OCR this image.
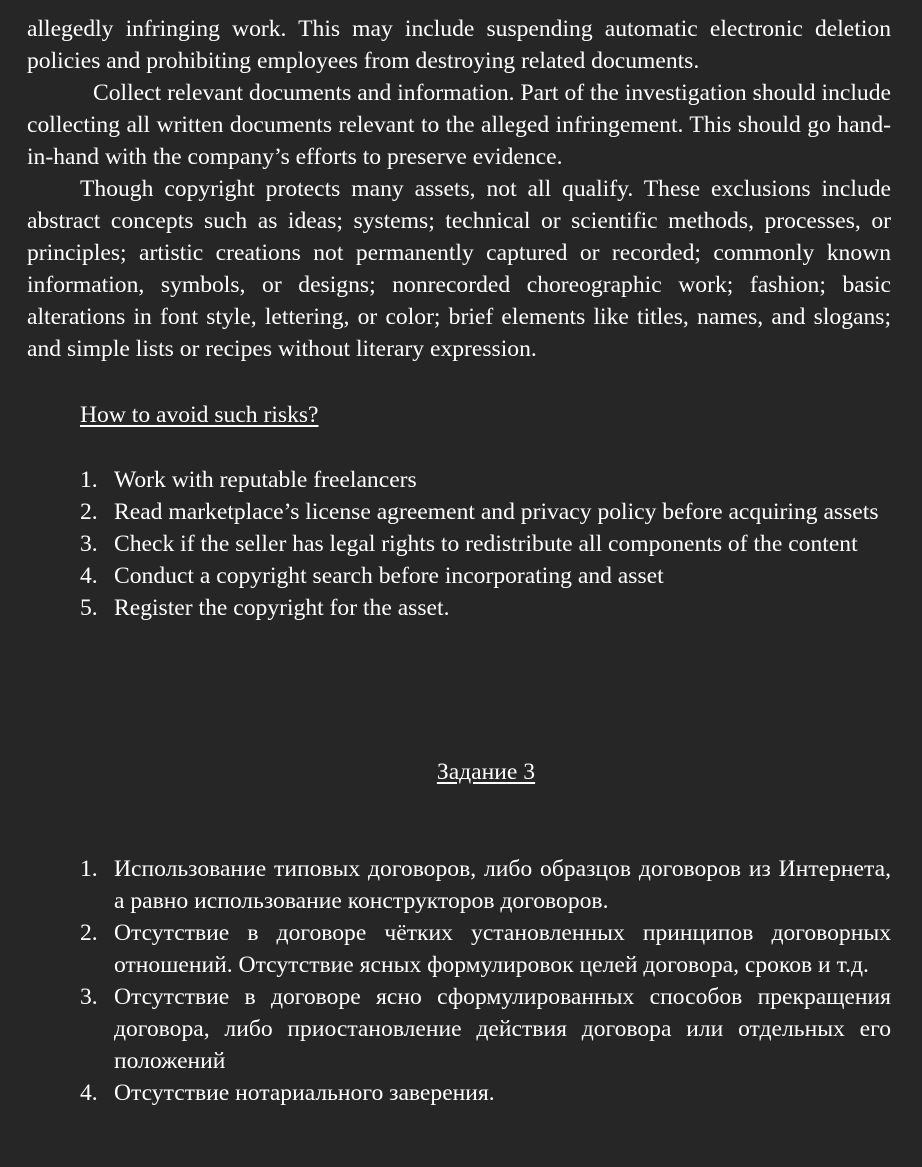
allegedly infringing work. This may include suspending automatic electronic deletion policies and prohibiting employees from destroying related documents.

Collect relevant documents and information. Part of the investigation should include collecting all written documents relevant to the alleged infringement. This should go hand-in-hand with the company’s efforts to preserve evidence.

Though copyright protects many assets, not all qualify. These exclusions include abstract concepts such as ideas; systems; technical or scientific methods, processes, or principles; artistic creations not permanently captured or recorded; commonly known information, symbols, or designs; nonrecorded choreographic work; fashion; basic alterations in font style, lettering, or color; brief elements like titles, names, and slogans; and simple lists or recipes without literary expression.

How to avoid such risks?
1. Work with reputable freelancers
2. Read marketplace’s license agreement and privacy policy before acquiring assets
3. Check if the seller has legal rights to redistribute all components of the content
4. Conduct a copyright search before incorporating and asset
5. Register the copyright for the asset.
Задание 3
1. Использование типовых договоров, либо образцов договоров из Интернета, а равно использование конструкторов договоров.
2. Отсутствие в договоре чётких установленных принципов договорных отношений. Отсутствие ясных формулировок целей договора, сроков и т.д.
3. Отсутствие в договоре ясно сформулированных способов прекращения договора, либо приостановление действия договора или отдельных его положений
4. Отсутствие нотариального заверения.
